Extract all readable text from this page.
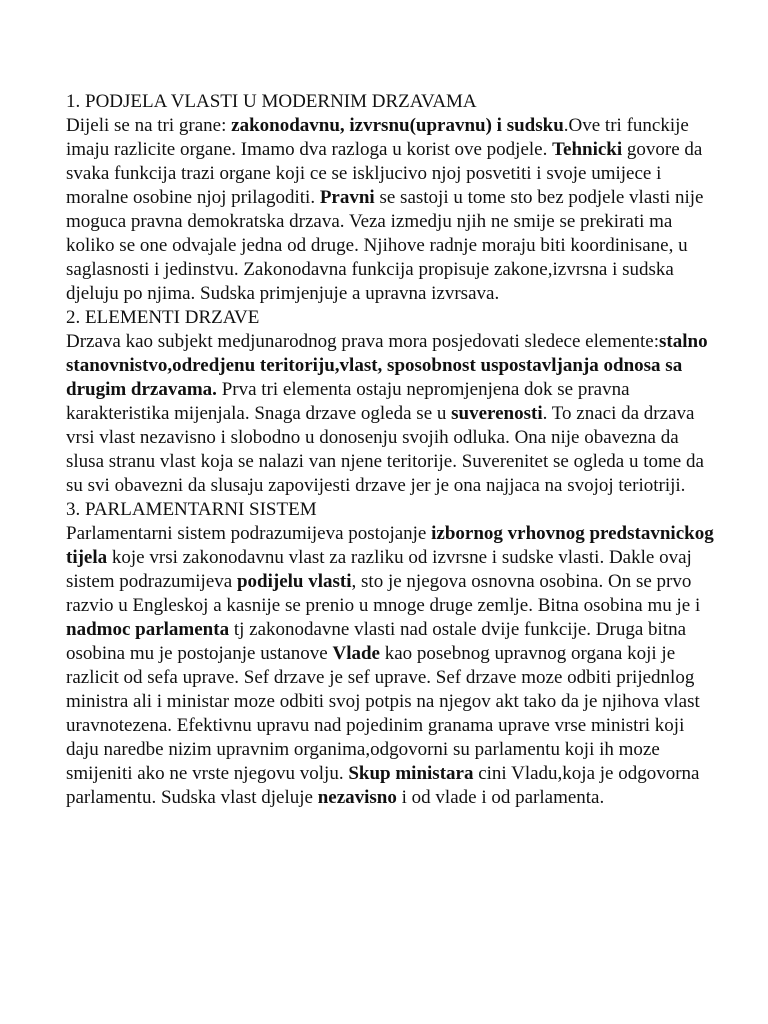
1. PODJELA VLASTI U MODERNIM DRZAVAMA

Dijeli se na tri grane: zakonodavnu, izvrsnu(upravnu) i sudsku.Ove tri funckije imaju razlicite organe. Imamo dva razloga u korist ove podjele. Tehnicki govore da svaka funkcija trazi organe koji ce se iskljucivo njoj posvetiti i svoje umijece i moralne osobine njoj prilagoditi. Pravni se sastoji u tome sto bez podjele vlasti nije moguca pravna demokratska drzava. Veza izmedju njih ne smije se prekirati ma koliko se one odvajale jedna od druge. Njihove radnje moraju biti koordinisane, u saglasnosti i jedinstvu. Zakonodavna funkcija propisuje zakone,izvrsna i sudska djeluju po njima. Sudska primjenjuje a upravna izvrsava.

2. ELEMENTI DRZAVE

Drzava kao subjekt medjunarodnog prava mora posjedovati sledece elemente:stalno stanovnistvo,odredjenu teritoriju,vlast, sposobnost uspostavljanja odnosa sa drugim drzavama. Prva tri elementa ostaju nepromjenjena dok se pravna karakteristika mijenjala. Snaga drzave ogleda se u suverenosti. To znaci da drzava vrsi vlast nezavisno i slobodno u donosenju svojih odluka. Ona nije obavezna da slusa stranu vlast koja se nalazi van njene teritorije. Suverenitet se ogleda u tome da su svi obavezni da slusaju zapovijesti drzave jer je ona najjaca na svojoj teriotriji.

3. PARLAMENTARNI SISTEM

Parlamentarni sistem podrazumijeva postojanje izbornog vrhovnog predstavnickog tijela koje vrsi zakonodavnu vlast za razliku od izvrsne i sudske vlasti. Dakle ovaj sistem podrazumijeva podijelu vlasti, sto je njegova osnovna osobina. On se prvo razvio u Engleskoj a kasnije se prenio u mnoge druge zemlje. Bitna osobina mu je i nadmoc parlamenta tj zakonodavne vlasti nad ostale dvije funkcije. Druga bitna osobina mu je postojanje ustanove Vlade kao posebnog upravnog organa koji je razlicit od sefa uprave. Sef drzave je sef uprave. Sef drzave moze odbiti prijednlog ministra ali i ministar moze odbiti svoj potpis na njegov akt tako da je njihova vlast uravnotezena. Efektivnu upravu nad pojedinim granama uprave vrse ministri koji daju naredbe nizim upravnim organima,odgovorni su parlamentu koji ih moze smijeniti ako ne vrste njegovu volju. Skup ministara cini Vladu,koja je odgovorna parlamentu. Sudska vlast djeluje nezavisno i od vlade i od parlamenta.
